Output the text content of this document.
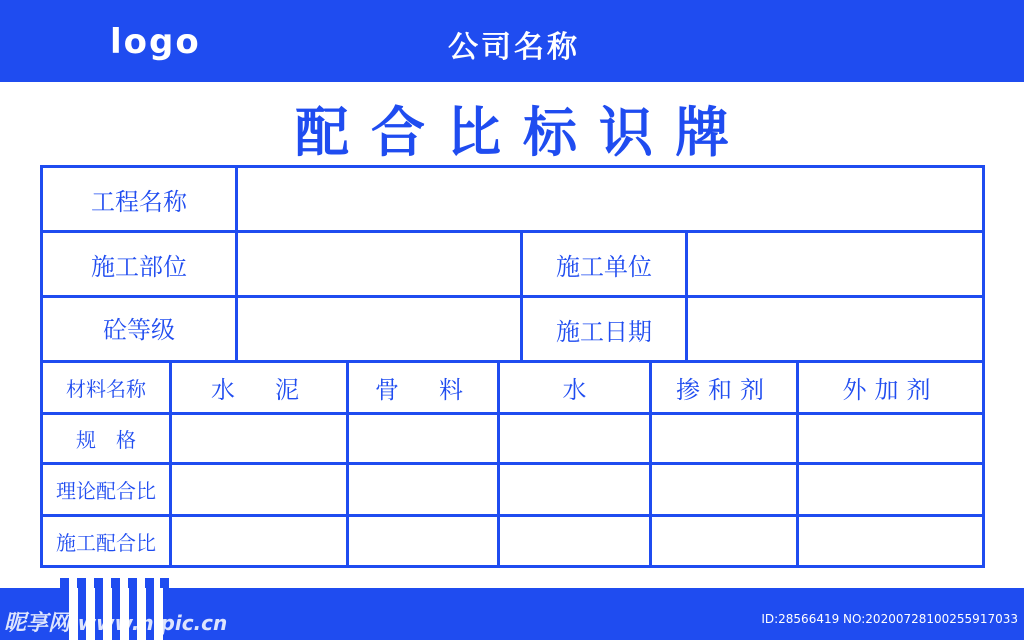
logo	公司名称
配合比标识牌
工程名称
施工部位	施工单位
砼等级	施工日期
材料名称	水　泥	骨　料	水	掺和剂	外加剂
规　格
理论配合比
施工配合比
昵享网 www.nipic.cn	ID:28566419 NO:20200728100255917033
